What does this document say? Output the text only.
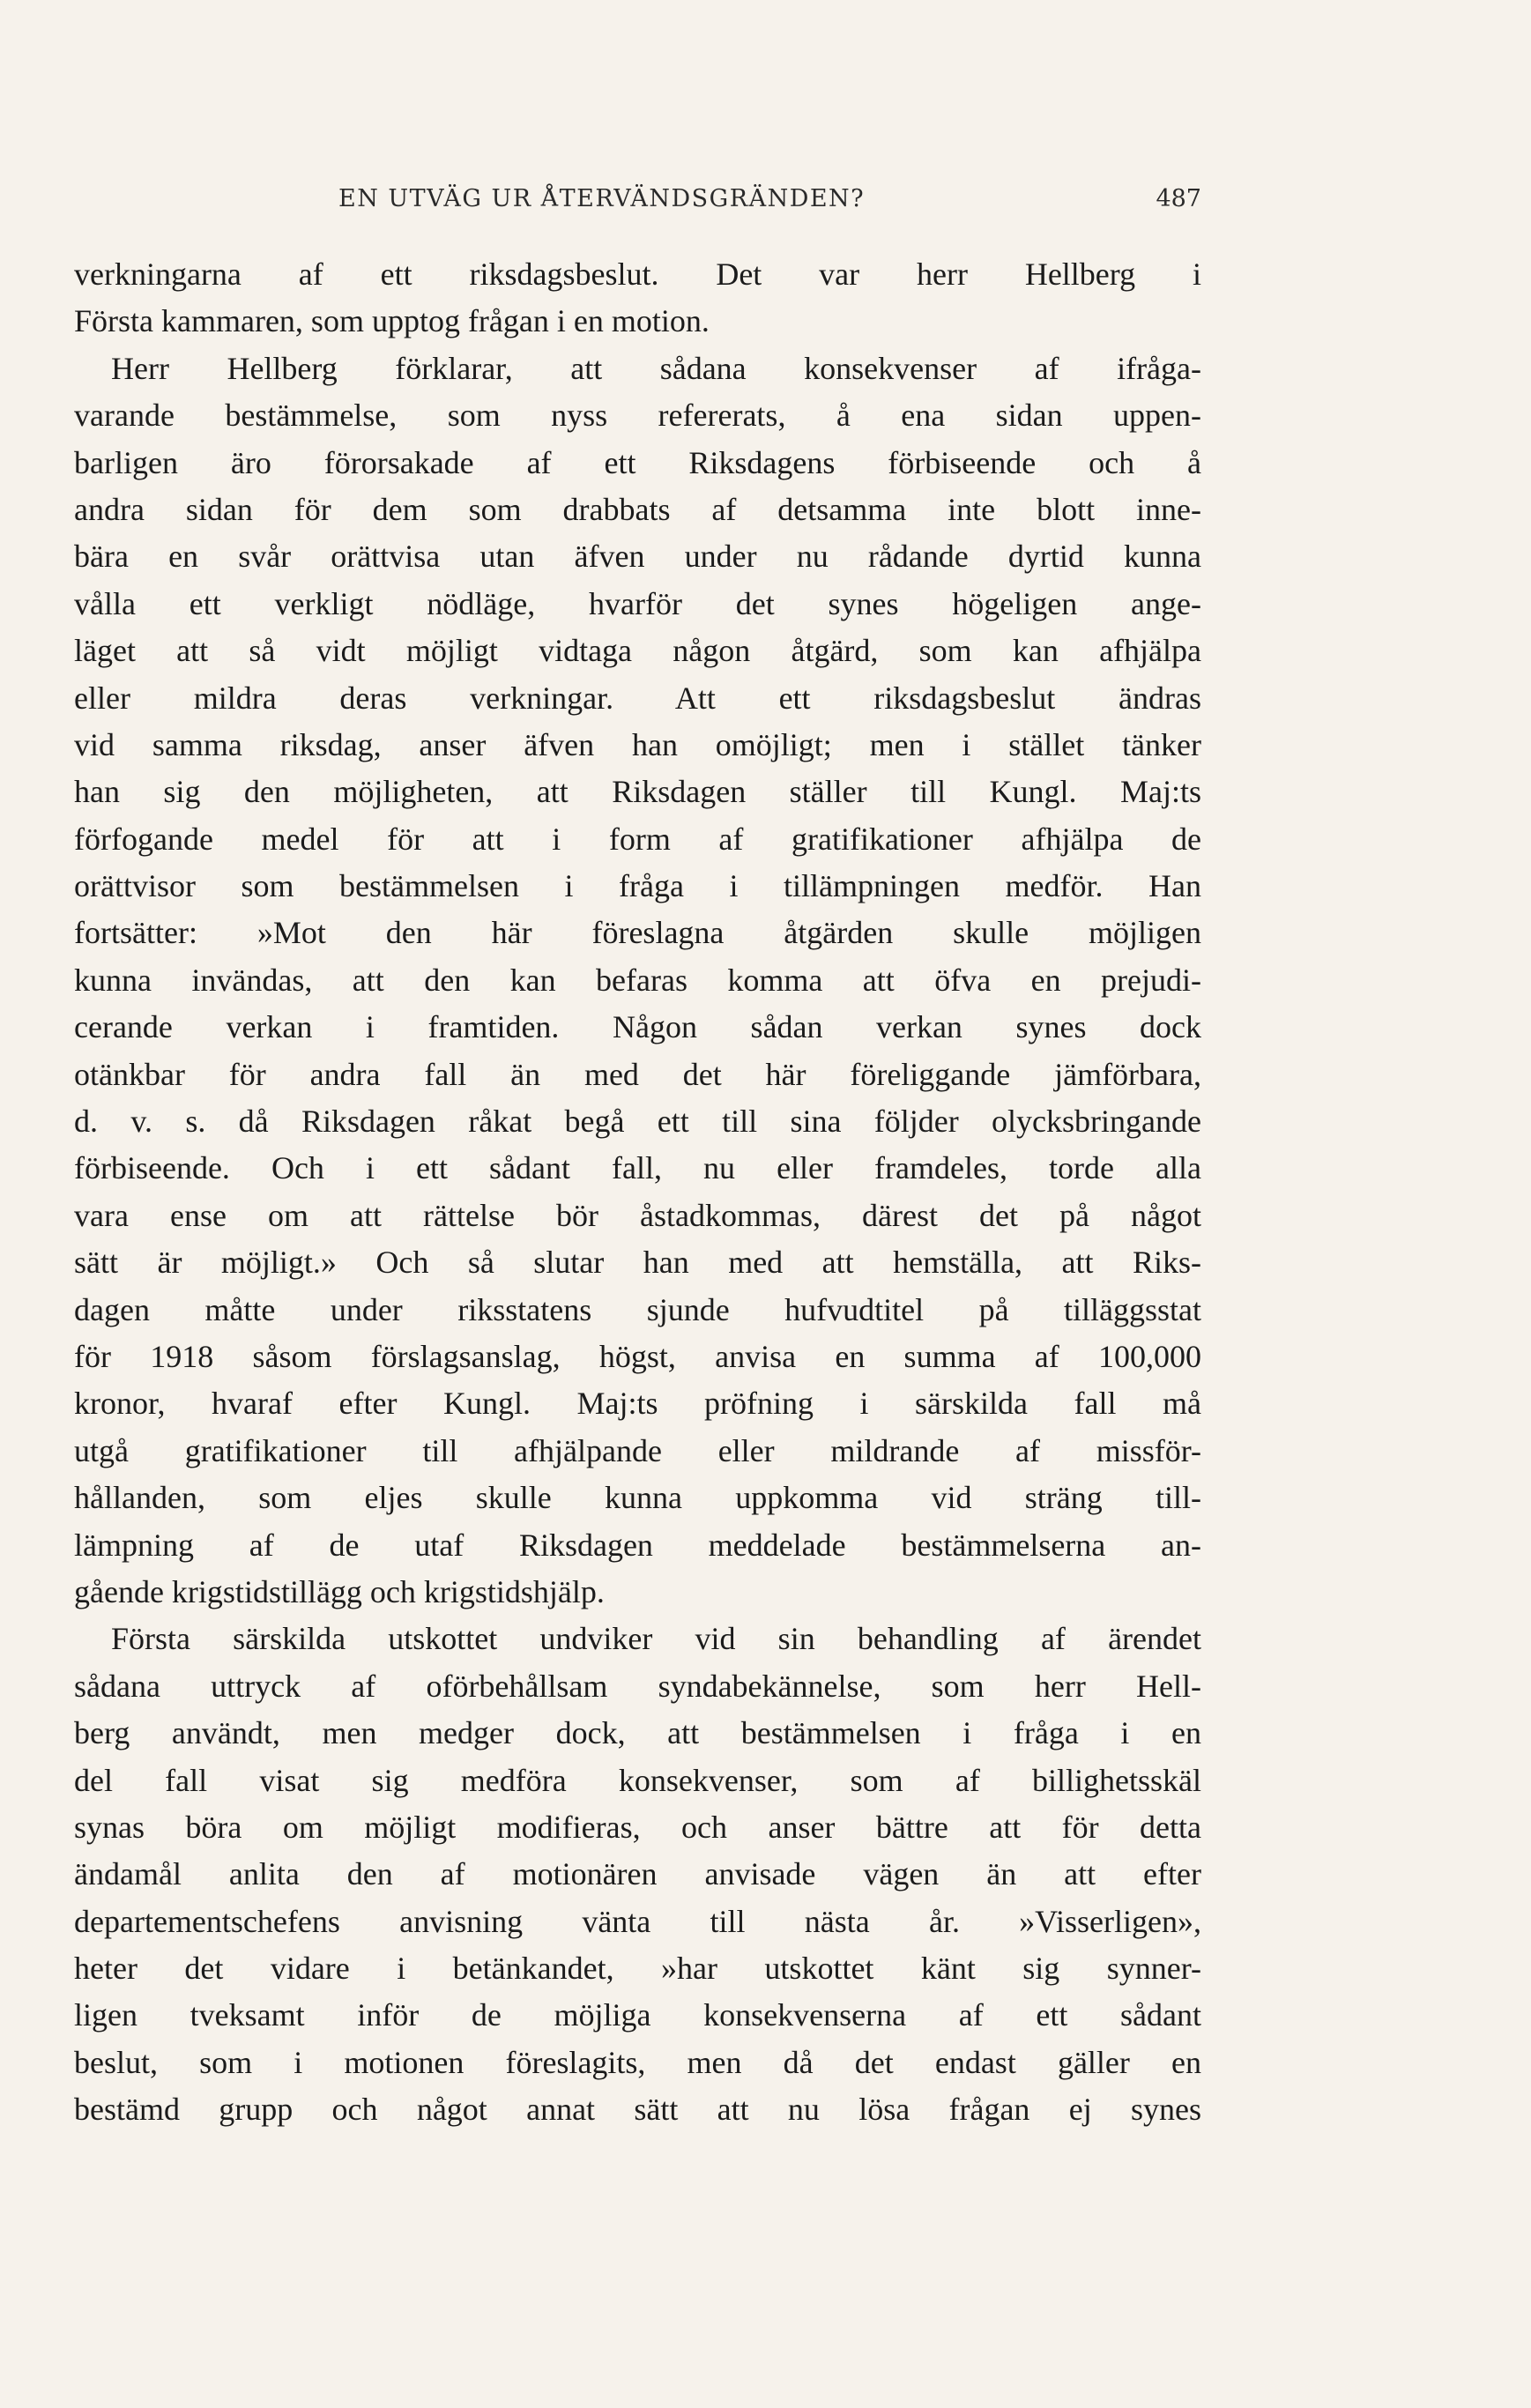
EN UTVÄG UR ÅTERVÄNDSGRÄNDEN?	487
verkningarna af ett riksdagsbeslut. Det var herr Hellberg i
Första kammaren, som upptog frågan i en motion.
Herr Hellberg förklarar, att sådana konsekvenser af ifråga-
varande bestämmelse, som nyss refererats, å ena sidan uppen-
barligen äro förorsakade af ett Riksdagens förbiseende och å
andra sidan för dem som drabbats af detsamma inte blott inne-
bära en svår orättvisa utan äfven under nu rådande dyrtid kunna
vålla ett verkligt nödläge, hvarför det synes högeligen ange-
läget att så vidt möjligt vidtaga någon åtgärd, som kan afhjälpa
eller mildra deras verkningar. Att ett riksdagsbeslut ändras
vid samma riksdag, anser äfven han omöjligt; men i stället tänker
han sig den möjligheten, att Riksdagen ställer till Kungl. Maj:ts
förfogande medel för att i form af gratifikationer afhjälpa de
orättvisor som bestämmelsen i fråga i tillämpningen medför. Han
fortsätter: »Mot den här föreslagna åtgärden skulle möjligen
kunna invändas, att den kan befaras komma att öfva en prejudi-
cerande verkan i framtiden. Någon sådan verkan synes dock
otänkbar för andra fall än med det här föreliggande jämförbara,
d. v. s. då Riksdagen råkat begå ett till sina följder olycksbringande
förbiseende. Och i ett sådant fall, nu eller framdeles, torde alla
vara ense om att rättelse bör åstadkommas, därest det på något
sätt är möjligt.» Och så slutar han med att hemställa, att Riks-
dagen måtte under riksstatens sjunde hufvudtitel på tilläggsstat
för 1918 såsom förslagsanslag, högst, anvisa en summa af 100,000
kronor, hvaraf efter Kungl. Maj:ts pröfning i särskilda fall må
utgå gratifikationer till afhjälpande eller mildrande af missför-
hållanden, som eljes skulle kunna uppkomma vid sträng till-
lämpning af de utaf Riksdagen meddelade bestämmelserna an-
gående krigstidstillägg och krigstidshjälp.
Första särskilda utskottet undviker vid sin behandling af ärendet
sådana uttryck af oförbehållsam syndabekännelse, som herr Hell-
berg användt, men medger dock, att bestämmelsen i fråga i en
del fall visat sig medföra konsekvenser, som af billighetsskäl
synas böra om möjligt modifieras, och anser bättre att för detta
ändamål anlita den af motionären anvisade vägen än att efter
departementschefens anvisning vänta till nästa år. »Visserligen»,
heter det vidare i betänkandet, »har utskottet känt sig synner-
ligen tveksamt inför de möjliga konsekvenserna af ett sådant
beslut, som i motionen föreslagits, men då det endast gäller en
bestämd grupp och något annat sätt att nu lösa frågan ej synes
